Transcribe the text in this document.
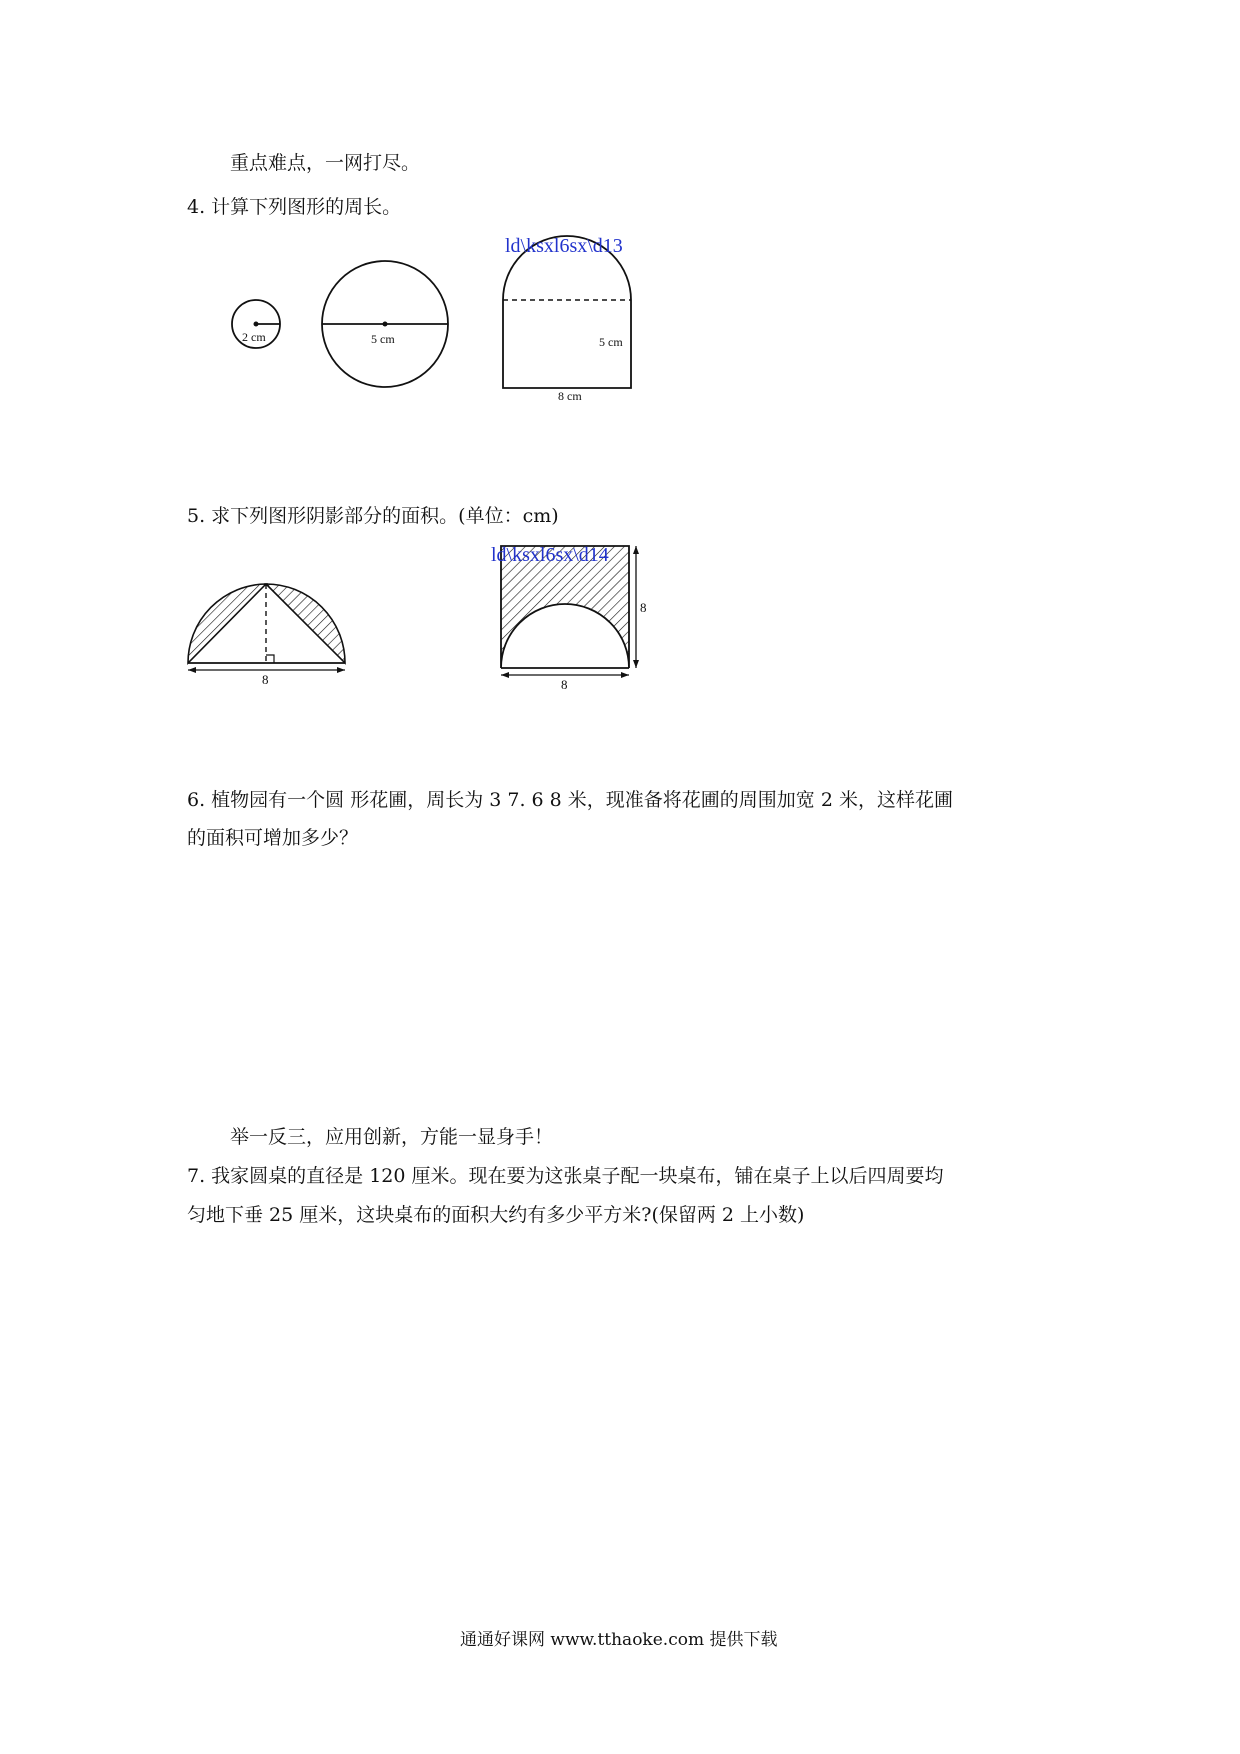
重点难点，一网打尽。
4. 计算下列图形的周长。
2 cm	5 cm
ld\ksxl6sx\d13
5 cm
8 cm
5. 求下列图形阴影部分的面积。(单位：cm)
8
ld\ksxl6sx\d14
8
8
6. 植物园有一个圆 形花圃，周长为 3 7. 6 8 米，现准备将花圃的周围加宽 2 米，这样花圃
的面积可增加多少？
举一反三，应用创新，方能一显身手！
7. 我家圆桌的直径是 120 厘米。现在要为这张桌子配一块桌布，铺在桌子上以后四周要均
匀地下垂 25 厘米，这块桌布的面积大约有多少平方米?(保留两 2 上小数)
通通好课网 www.tthaoke.com 提供下载
